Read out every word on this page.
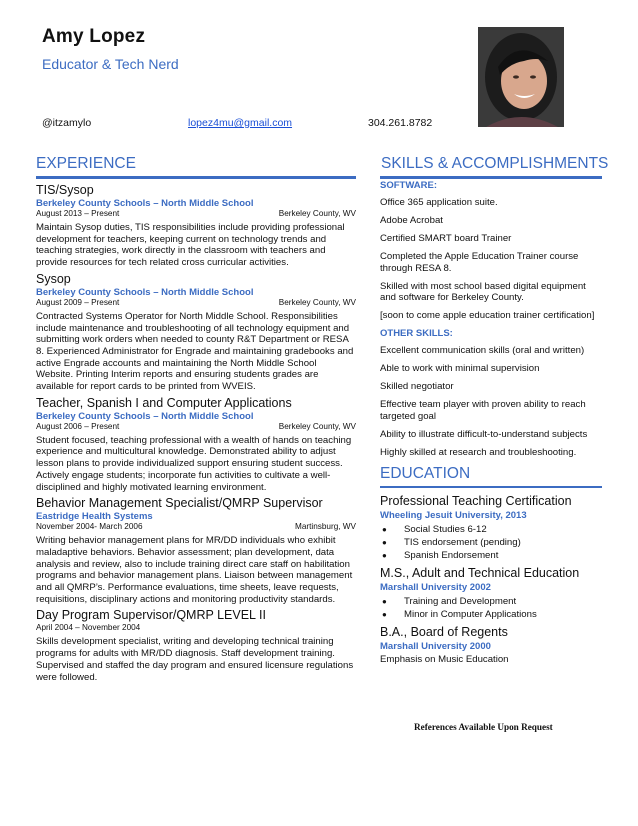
Amy Lopez
Educator & Tech Nerd
@itzamylo	lopez4mu@gmail.com	304.261.8782
EXPERIENCE	SKILLS & ACCOMPLISHMENTS
TIS/Sysop
Berkeley County Schools – North Middle School
August 2013 – Present	Berkeley County, WV
Maintain Sysop duties, TIS responsibilities include providing professional development for teachers, keeping current on technology trends and teaching strategies, work directly in the classroom with teachers and provide resources for tech related cross curricular activities.
Sysop
Berkeley County Schools – North Middle School
August 2009 – Present	Berkeley County, WV
Contracted Systems Operator for North Middle School. Responsibilities include maintenance and troubleshooting of all technology equipment and submitting work orders when needed to county R&T Department or RESA 8. Experienced Administrator for Engrade and maintaining gradebooks and active Engrade accounts and maintaining the North Middle School Website. Printing Interim reports and ensuring students grades are available for report cards to be printed from WVEIS.
Teacher, Spanish I and Computer Applications
Berkeley County Schools – North Middle School
August 2006 – Present	Berkeley County, WV
Student focused, teaching professional with a wealth of hands on teaching experience and multicultural knowledge. Demonstrated ability to adjust lesson plans to provide individualized support ensuring student success. Actively engage students; incorporate fun activities to cultivate a well-disciplined and highly motivated learning environment.
Behavior Management Specialist/QMRP Supervisor
Eastridge Health Systems
November 2004- March 2006	Martinsburg, WV
Writing behavior management plans for MR/DD individuals who exhibit maladaptive behaviors. Behavior assessment; plan development, data analysis and review, also to include training direct care staff on habilitation programs and behavior management plans. Liaison between management and all QMRP’s. Performance evaluations, time sheets, leave requests, requisitions, disciplinary actions and monitoring productivity standards.
Day Program Supervisor/QMRP LEVEL II
April 2004 – November 2004
Skills development specialist, writing and developing technical training programs for adults with MR/DD diagnosis. Staff development training. Supervised and staffed the day program and ensured licensure regulations were followed.
SOFTWARE:
Office 365 application suite.
Adobe Acrobat
Certified SMART board Trainer
Completed the Apple Education Trainer course through RESA 8.
Skilled with most school based digital equipment and software for Berkeley County.
[soon to come apple education trainer certification]
OTHER SKILLS:
Excellent communication skills (oral and written)
Able to work with minimal supervision
Skilled negotiator
Effective team player with proven ability to reach targeted goal
Ability to illustrate difficult-to-understand subjects
Highly skilled at research and troubleshooting.
EDUCATION
Professional Teaching Certification
Wheeling Jesuit University, 2013
●	Social Studies 6-12
●	TIS endorsement (pending)
●	Spanish Endorsement
M.S., Adult and Technical Education
Marshall University 2002
●	Training and Development
●	Minor in Computer Applications
B.A., Board of Regents
Marshall University 2000
Emphasis on Music Education
References Available Upon Request
